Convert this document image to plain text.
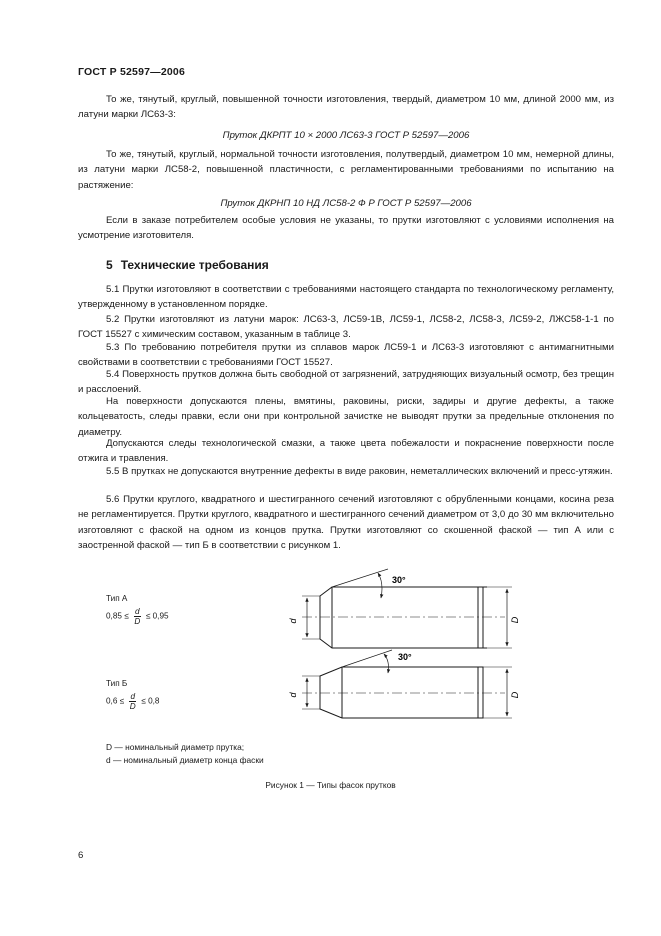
ГОСТ Р 52597—2006

То же, тянутый, круглый, повышенной точности изготовления, твердый, диаметром 10 мм, длиной 2000 мм, из латуни марки ЛС63-3:

Пруток ДКРПТ 10 × 2000 ЛС63-3 ГОСТ Р 52597—2006

То же, тянутый, круглый, нормальной точности изготовления, полутвердый, диаметром 10 мм, немерной длины, из латуни марки ЛС58-2, повышенной пластичности, с регламентированными требованиями по испытанию на растяжение:

Пруток ДКРНП 10 НД ЛС58-2 Ф Р ГОСТ Р 52597—2006

Если в заказе потребителем особые условия не указаны, то прутки изготовляют с условиями исполнения на усмотрение изготовителя.

5 Технические требования

5.1 Прутки изготовляют в соответствии с требованиями настоящего стандарта по технологическому регламенту, утвержденному в установленном порядке.

5.2 Прутки изготовляют из латуни марок: ЛС63-3, ЛС59-1В, ЛС59-1, ЛС58-2, ЛС58-3, ЛС59-2, ЛЖС58-1-1 по ГОСТ 15527 с химическим составом, указанным в таблице 3.

5.3 По требованию потребителя прутки из сплавов марок ЛС59-1 и ЛС63-3 изготовляют с антимагнитными свойствами в соответствии с требованиями ГОСТ 15527.

5.4 Поверхность прутков должна быть свободной от загрязнений, затрудняющих визуальный осмотр, без трещин и расслоений.

На поверхности допускаются плены, вмятины, раковины, риски, задиры и другие дефекты, а также кольцеватость, следы правки, если они при контрольной зачистке не выводят прутки за предельные отклонения по диаметру.

Допускаются следы технологической смазки, а также цвета побежалости и покраснение поверхности после отжига и травления.

5.5 В прутках не допускаются внутренние дефекты в виде раковин, неметаллических включений и пресс-утяжин.

5.6 Прутки круглого, квадратного и шестигранного сечений изготовляют с обрубленными концами, косина реза не регламентируется. Прутки круглого, квадратного и шестигранного сечений диаметром от 3,0 до 30 мм включительно изготовляют с фаской на одном из концов прутка. Прутки изготовляют со скошенной фаской — тип А или с заостренной фаской — тип Б в соответствии с рисунком 1.

Тип А
$0,85 \le \frac{d}{D} \le 0,95$
Тип Б
$0,6 \le \frac{d}{D} \le 0,8$
30°
30°
d	D
d	D
D — номинальный диаметр прутка;
d — номинальный диаметр конца фаски
Рисунок 1 — Типы фасок прутков
6
